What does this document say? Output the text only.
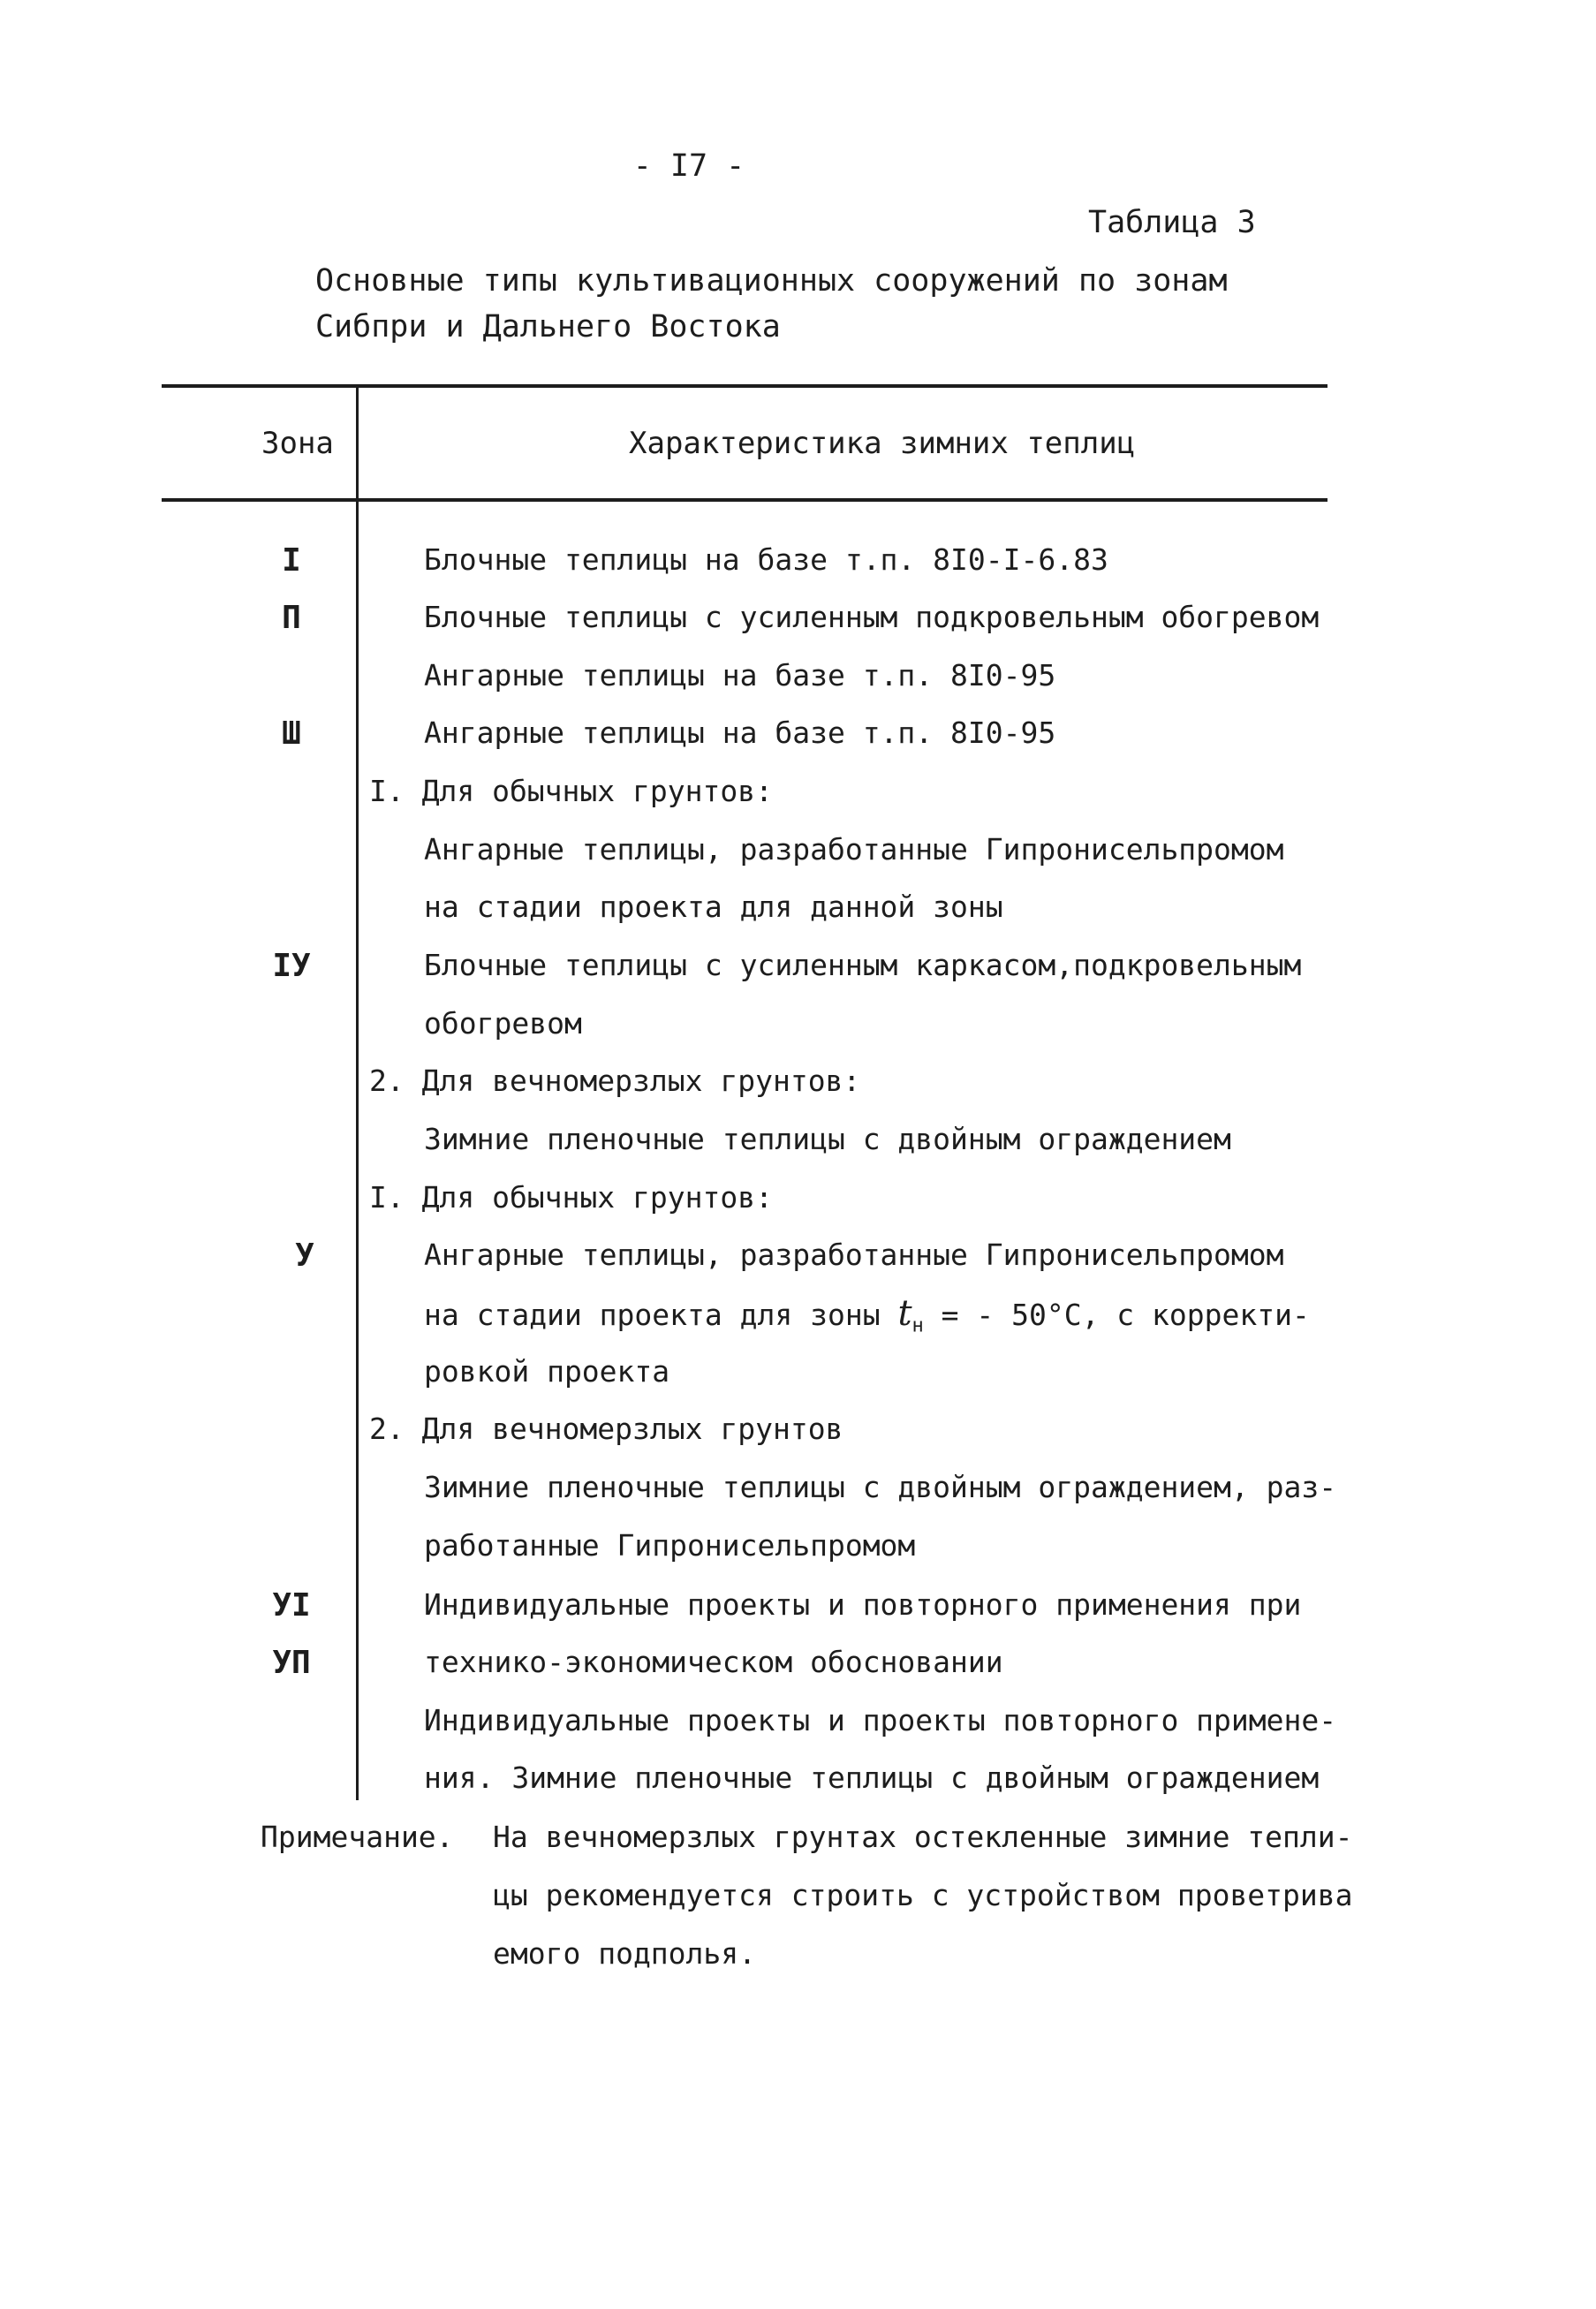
- I7 -
Таблица 3
Основные типы культивационных сооружений по зонам
Сибпри и Дальнего Востока
Зона	Характеристика зимних теплиц
I
П
Ш
IУ
У
УI
УП
Блочные теплицы на базе т.п. 8I0-I-6.83
Блочные теплицы с усиленным подкровельным обогревом
Ангарные теплицы на базе т.п. 8I0-95
Ангарные теплицы на базе т.п. 8I0-95
I. Для обычных грунтов:
Ангарные теплицы, разработанные Гипронисельпромом
на стадии проекта для данной зоны
Блочные теплицы с усиленным каркасом,подкровельным
обогревом
2. Для вечномерзлых грунтов:
Зимние пленочные теплицы с двойным ограждением
I. Для обычных грунтов:
Ангарные теплицы, разработанные Гипронисельпромом
на стадии проекта для зоны $t_н$ = - 50°C, с корректи-
ровкой проекта
2. Для вечномерзлых грунтов
Зимние пленочные теплицы с двойным ограждением, раз-
работанные Гипронисельпромом
Индивидуальные проекты и повторного применения при
технико-экономическом обосновании
Индивидуальные проекты и проекты повторного примене-
ния. Зимние пленочные теплицы с двойным ограждением
Примечание. На вечномерзлых грунтах остекленные зимние тепли-
цы рекомендуется строить с устройством проветрива
емого подполья.
